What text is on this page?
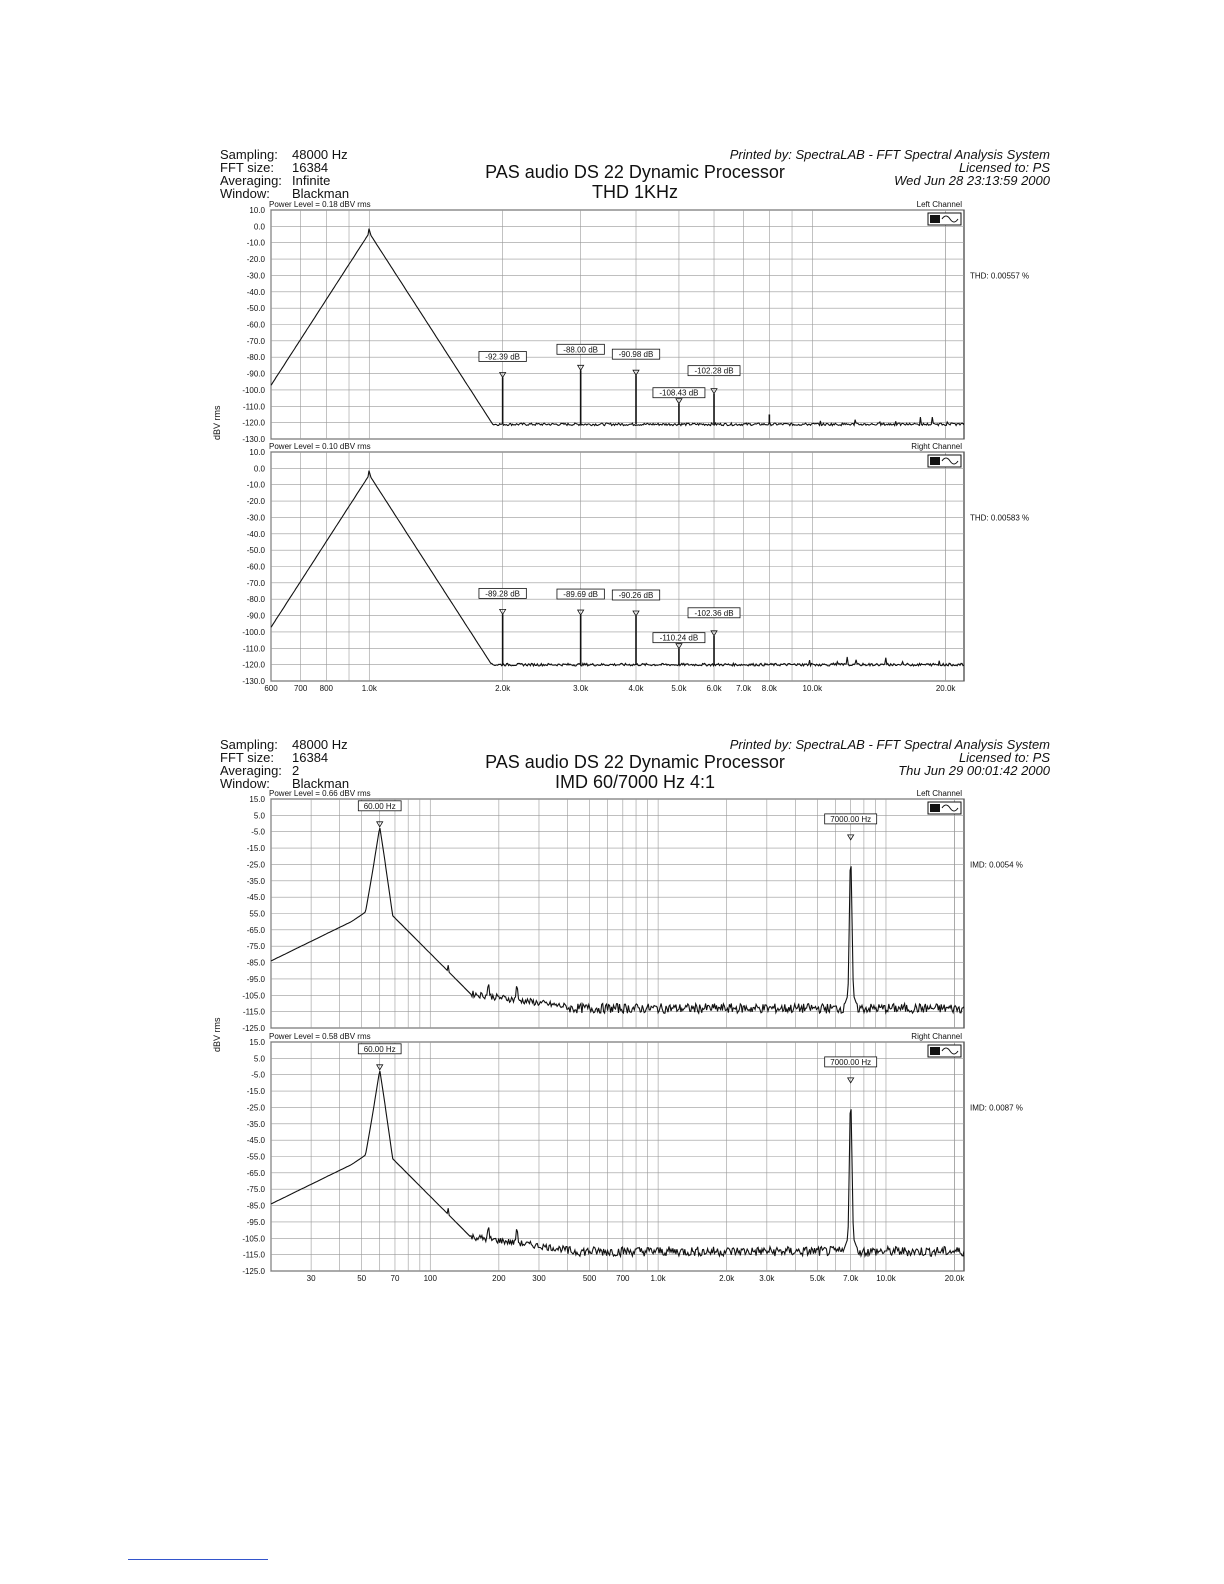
Sampling: 48000 Hz
FFT size: 16384
Averaging: Infinite
Window: Blackman
PAS audio DS 22 Dynamic Processor
THD 1KHz
Printed by: SpectraLAB - FFT Spectral Analysis System
Licensed to: PS
Wed Jun 28 23:13:59 2000
Sampling: 48000 Hz
FFT size: 16384
Averaging: 2
Window: Blackman
PAS audio DS 22 Dynamic Processor
IMD 60/7000 Hz 4:1
Printed by: SpectraLAB - FFT Spectral Analysis System
Licensed to: PS
Thu Jun 29 00:01:42 2000
10.0
0.0
-10.0
-20.0
-30.0
-40.0
-50.0
-60.0
-70.0
-80.0
-90.0
-100.0
-110.0
-120.0
-130.0
Power Level = 0.18 dBV rms	Left Channel
THD: 0.00557 %
-92.39 dB
-88.00 dB
-90.98 dB
-108.43 dB
-102.28 dB
10.0
0.0
-10.0
-20.0
-30.0
-40.0
-50.0
-60.0
-70.0
-80.0
-90.0
-100.0
-110.0
-120.0
-130.0
600 700 800	1.0k	2.0k	3.0k	4.0k	5.0k 6.0k 7.0k 8.0k	10.0k	20.0k
Power Level = 0.10 dBV rms	Right Channel
THD: 0.00583 %
-89.28 dB	-89.69 dB	-90.26 dB
-110.24 dB
-102.36 dB
15.0
5.0
-5.0
-15.0
-25.0
-35.0
-45.0
55.0
-65.0
-75.0
-85.0
-95.0
-105.0
-115.0
-125.0
Power Level = 0.66 dBV rms	Left Channel
IMD: 0.0054 %
60.00 Hz
7000.00 Hz
15.0
5.0
-5.0
-15.0
-25.0
-35.0
-45.0
-55.0
-65.0
-75.0
-85.0
-95.0
-105.0
-115.0
-125.0
30	50	70	100	200	300	500 700	1.0k	2.0k	3.0k	5.0k 7.0k 10.0k	20.0k
Power Level = 0.58 dBV rms	Right Channel
IMD: 0.0087 %
60.00 Hz
7000.00 Hz
dBV rms
dBV rms
